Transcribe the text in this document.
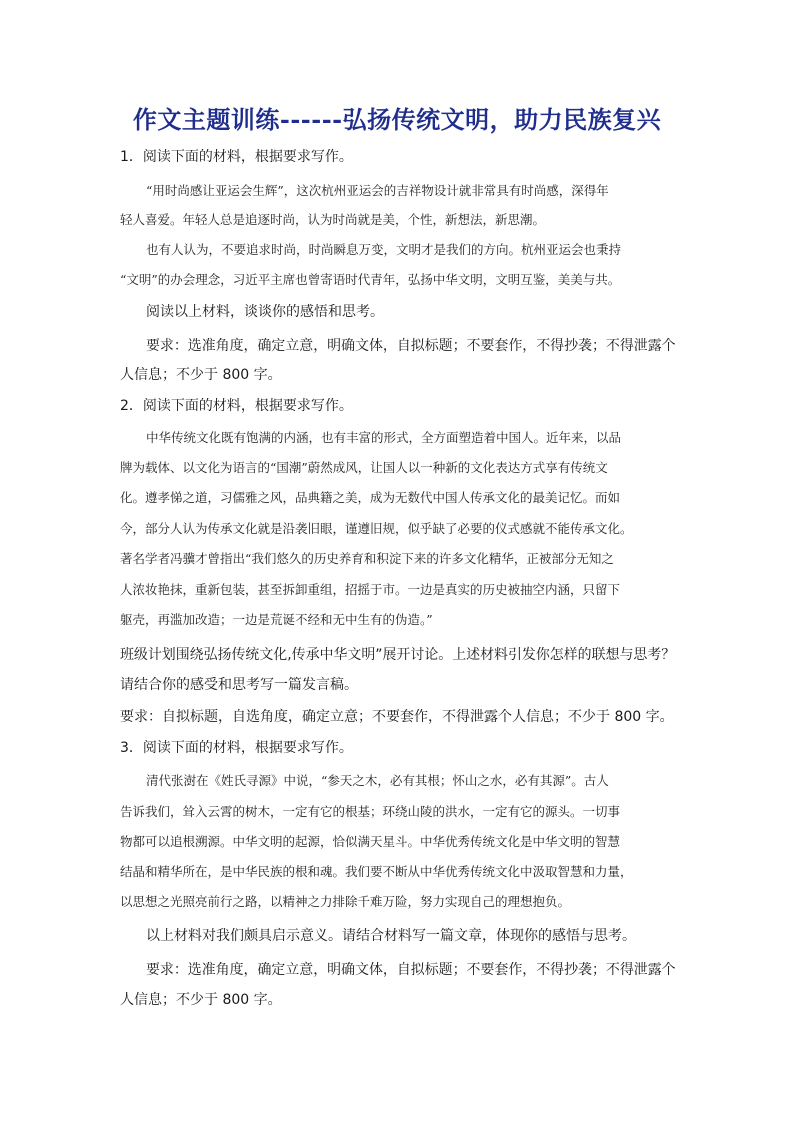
作文主题训练------弘扬传统文明，助力民族复兴
1．阅读下面的材料，根据要求写作。
“用时尚感让亚运会生辉”，这次杭州亚运会的吉祥物设计就非常具有时尚感，深得年
轻人喜爱。年轻人总是追逐时尚，认为时尚就是美，个性，新想法，新思潮。
也有人认为，不要追求时尚，时尚瞬息万变，文明才是我们的方向。杭州亚运会也秉持
“文明”的办会理念，习近平主席也曾寄语时代青年，弘扬中华文明，文明互鉴，美美与共。
阅读以上材料，谈谈你的感悟和思考。
要求：选准角度，确定立意，明确文体，自拟标题；不要套作，不得抄袭；不得泄露个
人信息；不少于 800 字。
2．阅读下面的材料，根据要求写作。
中华传统文化既有饱满的内涵，也有丰富的形式，全方面塑造着中国人。近年来，以品
牌为载体、以文化为语言的“国潮”蔚然成风，让国人以一种新的文化表达方式享有传统文
化。遵孝悌之道，习儒雅之风，品典籍之美，成为无数代中国人传承文化的最美记忆。而如
今，部分人认为传承文化就是沿袭旧眼，谨遵旧规，似乎缺了必要的仪式感就不能传承文化。
著名学者冯骥才曾指出“我们悠久的历史养育和积淀下来的许多文化精华，正被部分无知之
人浓妆艳抹，重新包装，甚至拆卸重组，招摇于市。一边是真实的历史被抽空内涵，只留下
躯壳，再滥加改造；一边是荒诞不经和无中生有的伪造。”
班级计划围绕弘扬传统文化,传承中华文明”展开讨论。上述材料引发你怎样的联想与思考？
请结合你的感受和思考写一篇发言稿。
要求：自拟标题，自选角度，确定立意；不要套作，不得泄露个人信息；不少于 800 字。
3．阅读下面的材料，根据要求写作。
清代张澍在《姓氏寻源》中说，“参天之木，必有其根；怀山之水，必有其源”。古人
告诉我们，耸入云霄的树木，一定有它的根基；环绕山陵的洪水，一定有它的源头。一切事
物都可以追根溯源。中华文明的起源，恰似满天星斗。中华优秀传统文化是中华文明的智慧
结晶和精华所在，是中华民族的根和魂。我们要不断从中华优秀传统文化中汲取智慧和力量，
以思想之光照亮前行之路，以精神之力排除千难万险，努力实现自己的理想抱负。
以上材料对我们颇具启示意义。请结合材料写一篇文章，体现你的感悟与思考。
要求：选准角度，确定立意，明确文体，自拟标题；不要套作，不得抄袭；不得泄露个
人信息；不少于 800 字。
